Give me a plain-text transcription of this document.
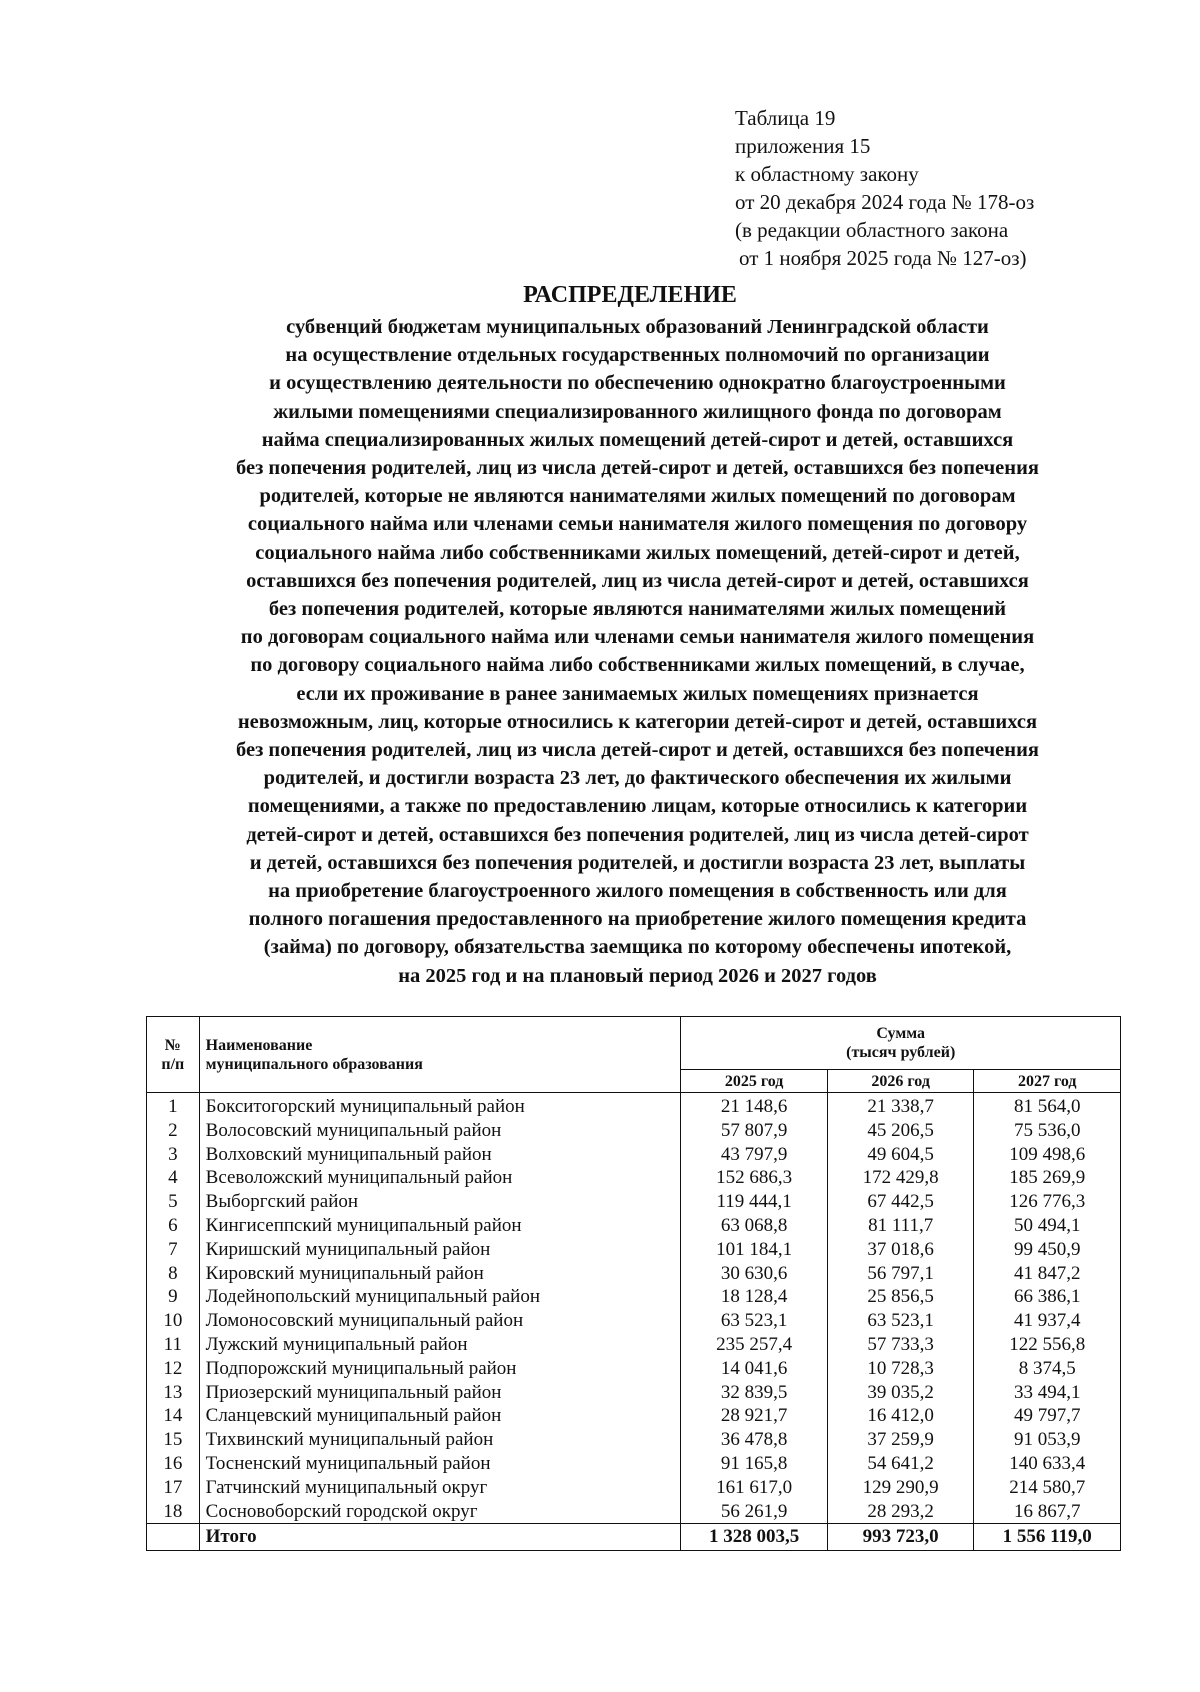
Таблица 19
приложения 15
к областному закону
от 20 декабря 2024 года № 178-оз
(в редакции областного закона
от 1 ноября 2025 года № 127-оз)
РАСПРЕДЕЛЕНИЕ
субвенций бюджетам муниципальных образований Ленинградской области
на осуществление отдельных государственных полномочий по организации
и осуществлению деятельности по обеспечению однократно благоустроенными
жилыми помещениями специализированного жилищного фонда по договорам
найма специализированных жилых помещений детей-сирот и детей, оставшихся
без попечения родителей, лиц из числа детей-сирот и детей, оставшихся без попечения
родителей, которые не являются нанимателями жилых помещений по договорам
социального найма или членами семьи нанимателя жилого помещения по договору
социального найма либо собственниками жилых помещений, детей-сирот и детей,
оставшихся без попечения родителей, лиц из числа детей-сирот и детей, оставшихся
без попечения родителей, которые являются нанимателями жилых помещений
по договорам социального найма или членами семьи нанимателя жилого помещения
по договору социального найма либо собственниками жилых помещений, в случае,
если их проживание в ранее занимаемых жилых помещениях признается
невозможным, лиц, которые относились к категории детей-сирот и детей, оставшихся
без попечения родителей, лиц из числа детей-сирот и детей, оставшихся без попечения
родителей, и достигли возраста 23 лет, до фактического обеспечения их жилыми
помещениями, а также по предоставлению лицам, которые относились к категории
детей-сирот и детей, оставшихся без попечения родителей, лиц из числа детей-сирот
и детей, оставшихся без попечения родителей, и достигли возраста 23 лет, выплаты
на приобретение благоустроенного жилого помещения в собственность или для
полного погашения предоставленного на приобретение жилого помещения кредита
(займа) по договору, обязательства заемщика по которому обеспечены ипотекой,
на 2025 год и на плановый период 2026 и 2027 годов
№
п/п	Наименование
муниципального образования	Сумма
(тысяч рублей)		
		2025 год	2026 год	2027 год
1	Бокситогорский муниципальный район	21 148,6	21 338,7	81 564,0
2	Волосовский муниципальный район	57 807,9	45 206,5	75 536,0
3	Волховский муниципальный район	43 797,9	49 604,5	109 498,6
4	Всеволожский муниципальный район	152 686,3	172 429,8	185 269,9
5	Выборгский район	119 444,1	67 442,5	126 776,3
6	Кингисеппский муниципальный район	63 068,8	81 111,7	50 494,1
7	Киришский муниципальный район	101 184,1	37 018,6	99 450,9
8	Кировский муниципальный район	30 630,6	56 797,1	41 847,2
9	Лодейнопольский муниципальный район	18 128,4	25 856,5	66 386,1
10	Ломоносовский муниципальный район	63 523,1	63 523,1	41 937,4
11	Лужский муниципальный район	235 257,4	57 733,3	122 556,8
12	Подпорожский муниципальный район	14 041,6	10 728,3	8 374,5
13	Приозерский муниципальный район	32 839,5	39 035,2	33 494,1
14	Сланцевский муниципальный район	28 921,7	16 412,0	49 797,7
15	Тихвинский муниципальный район	36 478,8	37 259,9	91 053,9
16	Тосненский муниципальный район	91 165,8	54 641,2	140 633,4
17	Гатчинский муниципальный округ	161 617,0	129 290,9	214 580,7
18	Сосновоборский городской округ	56 261,9	28 293,2	16 867,7
	Итого	1 328 003,5	993 723,0	1 556 119,0
